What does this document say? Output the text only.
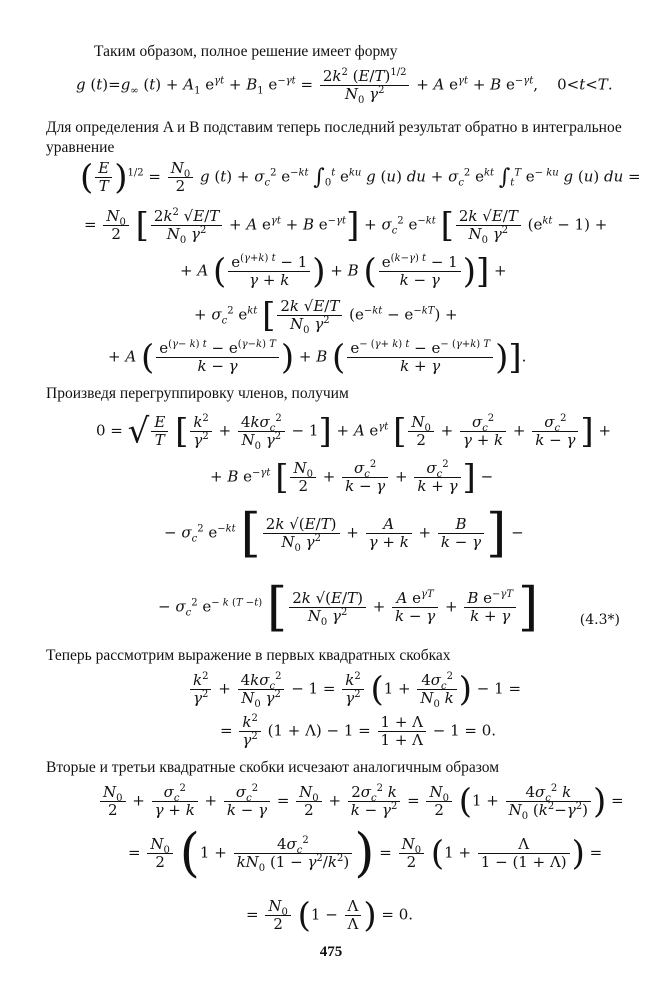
Таким образом, полное решение имеет форму

g $(t)=g_\infty$ $(t) + A_1$ $e^{\gamma t} + B_1$ $e^{-\gamma t} = \frac{2k^2 (E/T)^{1/2}}{N_0 \gamma^2} + A$ $e^{\gamma t} + B$ $e^{-\gamma t}$,    0<t<T.

Для определения A и B подставим теперь последний результат обратно в интегральное уравнение

( $\frac{E}{T} )^{1/2} = \frac{N_0}{2}$ g $(t) + \sigma_c^2$ $e^{-kt}$ $\int_0^t$ $e^{ku}$ g (u) du + $\sigma_c^2$ $e^{kt}$ $\int_t^T$ $e^{- ku}$ g (u) du =
= $\frac{N_0}{2}$ [ $\frac{2k^2 √E/T}{N_0 \gamma^2} + A$ $e^{\gamma t} + B$ $e^{-\gamma t}] + \sigma_c^2$ $e^{-kt}$ [ $\frac{2k √E/T}{N_0 \gamma^2} (e^{kt} - 1)$ +
+ A ( $\frac{e^{(\gamma+k) t} - 1}{\gamma + k}$ ) + B ( $\frac{e^{(k-\gamma) t} - 1}{k - \gamma}$ )] +
+ $\sigma_c^2$ $e^{kt}$ [ $\frac{2k √E/T}{N_0 \gamma^2} (e^{-kt} - e^{-kT})$ +
+ A ( $\frac{e^{(\gamma- k) t} - e^{(\gamma-k) T}}{k - \gamma}$ ) + B ( $\frac{e^{- (\gamma+ k) t} - e^{- (\gamma+k) T}}{k + \gamma}$ )].

Произведя перегруппировку членов, получим

0 = √ $\frac{E}{T}$ [ $\frac{k^2}{\gamma^2} + \frac{4k\sigma_c^2}{N_0 \gamma^2} - 1] + A$ $e^{\gamma t}$ [ $\frac{N_0}{2} + \frac{\sigma_c^2}{\gamma + k} + \frac{\sigma_c^2}{k - \gamma}$ ] +
+ B $e^{-\gamma t}$ [ $\frac{N_0}{2} + \frac{\sigma_c^2}{k - \gamma} + \frac{\sigma_c^2}{k + \gamma}$ ] −
− $\sigma_c^2$ $e^{-kt}$ [ $\frac{2k √(E/T)}{N_0 \gamma^2} + \frac{A}{\gamma + k} + \frac{B}{k - \gamma}$ ] −
− $\sigma_c^2$ $e^{- k (T -t)}$ [ $\frac{2k √(E/T)}{N_0 \gamma^2} + \frac{A e^{\gamma T}}{k - \gamma} + \frac{B e^{-\gamma T}}{k + \gamma}$ ]	(4.3*)

Теперь рассмотрим выражение в первых квадратных скобках

$\frac{k^2}{\gamma^2} + \frac{4k\sigma_c^2}{N_0 \gamma^2} - 1 = \frac{k^2}{\gamma^2} (1 + \frac{4\sigma_c^2}{N_0 k}$ ) − 1 =
= $\frac{k^2}{\gamma^2} (1 + \Lambda) - 1 = \frac{1 + \Lambda}{1 + \Lambda} - 1 = 0$.

Вторые и третьи квадратные скобки исчезают аналогичным образом

$\frac{N_0}{2} + \frac{\sigma_c^2}{\gamma + k} + \frac{\sigma_c^2}{k - \gamma} = \frac{N_0}{2} + \frac{2\sigma_c^2 k}{k - \gamma^2} = \frac{N_0}{2} (1 + \frac{4\sigma_c^2 k}{N_0 (k^2-\gamma^2)}$ ) =
= $\frac{N_0}{2} (1 + \frac{4\sigma_c^2}{kN_0 (1 - \gamma^2/k^2)}$ ) = $\frac{N_0}{2} (1 + \frac{\Lambda}{1 - (1 + \Lambda)}$ ) =
= $\frac{N_0}{2} (1 - \frac{\Lambda}{\Lambda}$ ) = 0.
475
